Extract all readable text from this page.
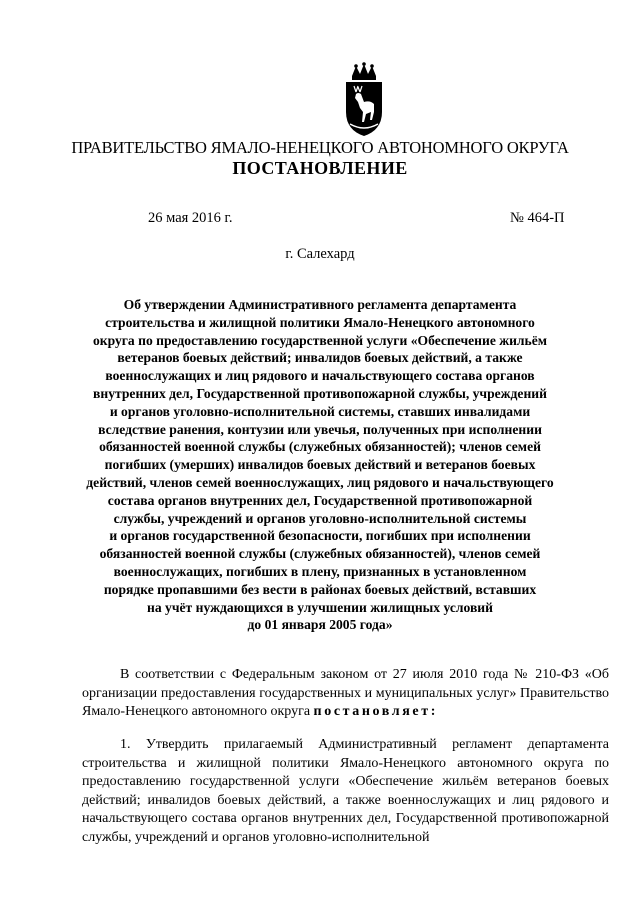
ПРАВИТЕЛЬСТВО ЯМАЛО-НЕНЕЦКОГО АВТОНОМНОГО ОКРУГА
ПОСТАНОВЛЕНИЕ
26 мая 2016 г.	№ 464-П
г. Салехард
Об утверждении Административного регламента департамента
строительства и жилищной политики Ямало-Ненецкого автономного
округа по предоставлению государственной услуги «Обеспечение жильём
ветеранов боевых действий; инвалидов боевых действий, а также
военнослужащих и лиц рядового и начальствующего состава органов
внутренних дел, Государственной противопожарной службы, учреждений
и органов уголовно-исполнительной системы, ставших инвалидами
вследствие ранения, контузии или увечья, полученных при исполнении
обязанностей военной службы (служебных обязанностей); членов семей
погибших (умерших) инвалидов боевых действий и ветеранов боевых
действий, членов семей военнослужащих, лиц рядового и начальствующего
состава органов внутренних дел, Государственной противопожарной
службы, учреждений и органов уголовно-исполнительной системы
и органов государственной безопасности, погибших при исполнении
обязанностей военной службы (служебных обязанностей), членов семей
военнослужащих, погибших в плену, признанных в установленном
порядке пропавшими без вести в районах боевых действий, вставших
на учёт нуждающихся в улучшении жилищных условий
до 01 января 2005 года»
В соответствии с Федеральным законом от 27 июля 2010 года № 210-ФЗ «Об организации предоставления государственных и муниципальных услуг» Правительство Ямало-Ненецкого автономного округа постановляет:
1. Утвердить прилагаемый Административный регламент департамента строительства и жилищной политики Ямало-Ненецкого автономного округа по предоставлению государственной услуги «Обеспечение жильём ветеранов боевых действий; инвалидов боевых действий, а также военнослужащих и лиц рядового и начальствующего состава органов внутренних дел, Государственной противопожарной службы, учреждений и органов уголовно-исполнительной
